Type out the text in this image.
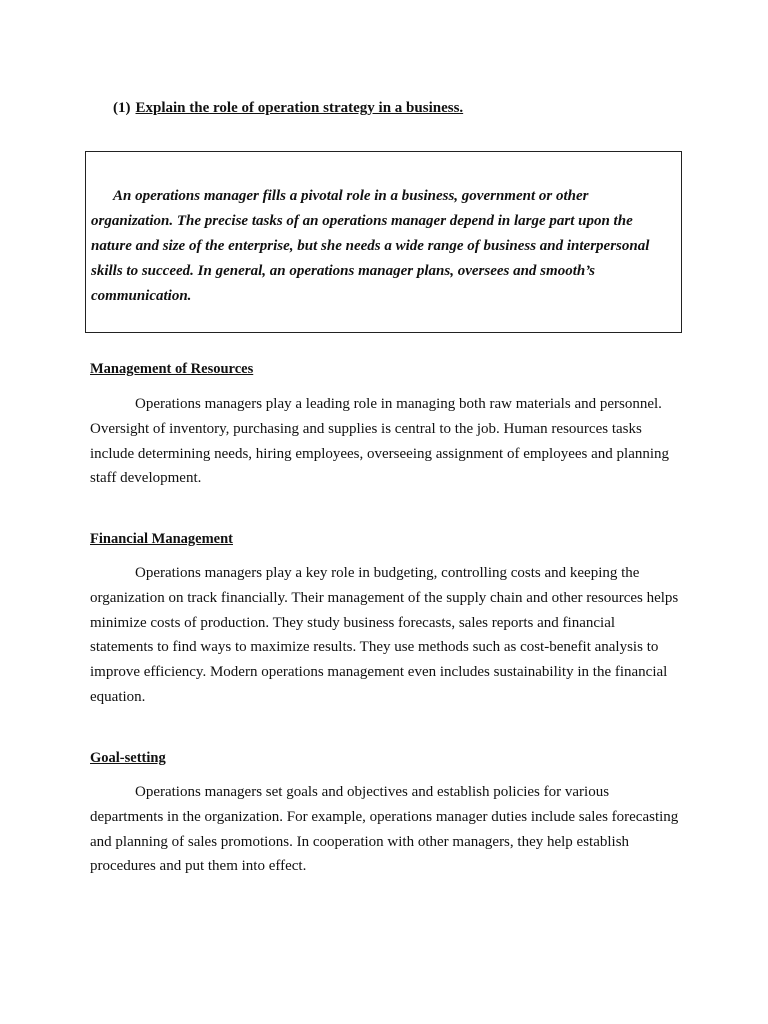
(1) Explain the role of operation strategy in a business.

An operations manager fills a pivotal role in a business, government or other organization. The precise tasks of an operations manager depend in large part upon the nature and size of the enterprise, but she needs a wide range of business and interpersonal skills to succeed. In general, an operations manager plans, oversees and smooth’s communication.

Management of Resources

Operations managers play a leading role in managing both raw materials and personnel. Oversight of inventory, purchasing and supplies is central to the job. Human resources tasks include determining needs, hiring employees, overseeing assignment of employees and planning staff development.

Financial Management

Operations managers play a key role in budgeting, controlling costs and keeping the organization on track financially. Their management of the supply chain and other resources helps minimize costs of production. They study business forecasts, sales reports and financial statements to find ways to maximize results. They use methods such as cost-benefit analysis to improve efficiency. Modern operations management even includes sustainability in the financial equation.

Goal-setting

Operations managers set goals and objectives and establish policies for various departments in the organization. For example, operations manager duties include sales forecasting and planning of sales promotions. In cooperation with other managers, they help establish procedures and put them into effect.
